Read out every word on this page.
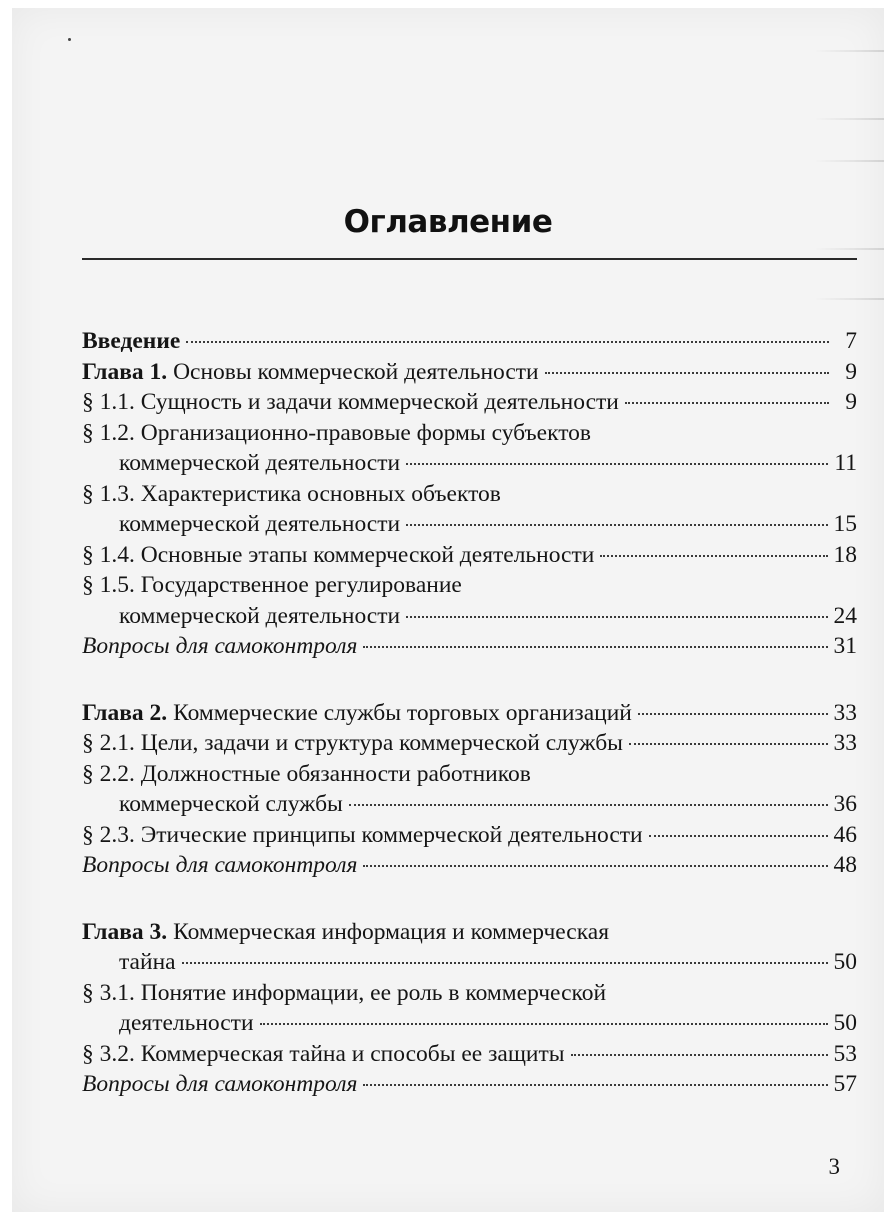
Оглавление
Введение	7
Глава 1. Основы коммерческой деятельности	9
§ 1.1. Сущность и задачи коммерческой деятельности	9
§ 1.2. Организационно-правовые формы субъектов
коммерческой деятельности	11
§ 1.3. Характеристика основных объектов
коммерческой деятельности	15
§ 1.4. Основные этапы коммерческой деятельности	18
§ 1.5. Государственное регулирование
коммерческой деятельности	24
Вопросы для самоконтроля	31
Глава 2. Коммерческие службы торговых организаций	33
§ 2.1. Цели, задачи и структура коммерческой службы	33
§ 2.2. Должностные обязанности работников
коммерческой службы	36
§ 2.3. Этические принципы коммерческой деятельности	46
Вопросы для самоконтроля	48
Глава 3. Коммерческая информация и коммерческая
тайна	50
§ 3.1. Понятие информации, ее роль в коммерческой
деятельности	50
§ 3.2. Коммерческая тайна и способы ее защиты	53
Вопросы для самоконтроля	57
3
